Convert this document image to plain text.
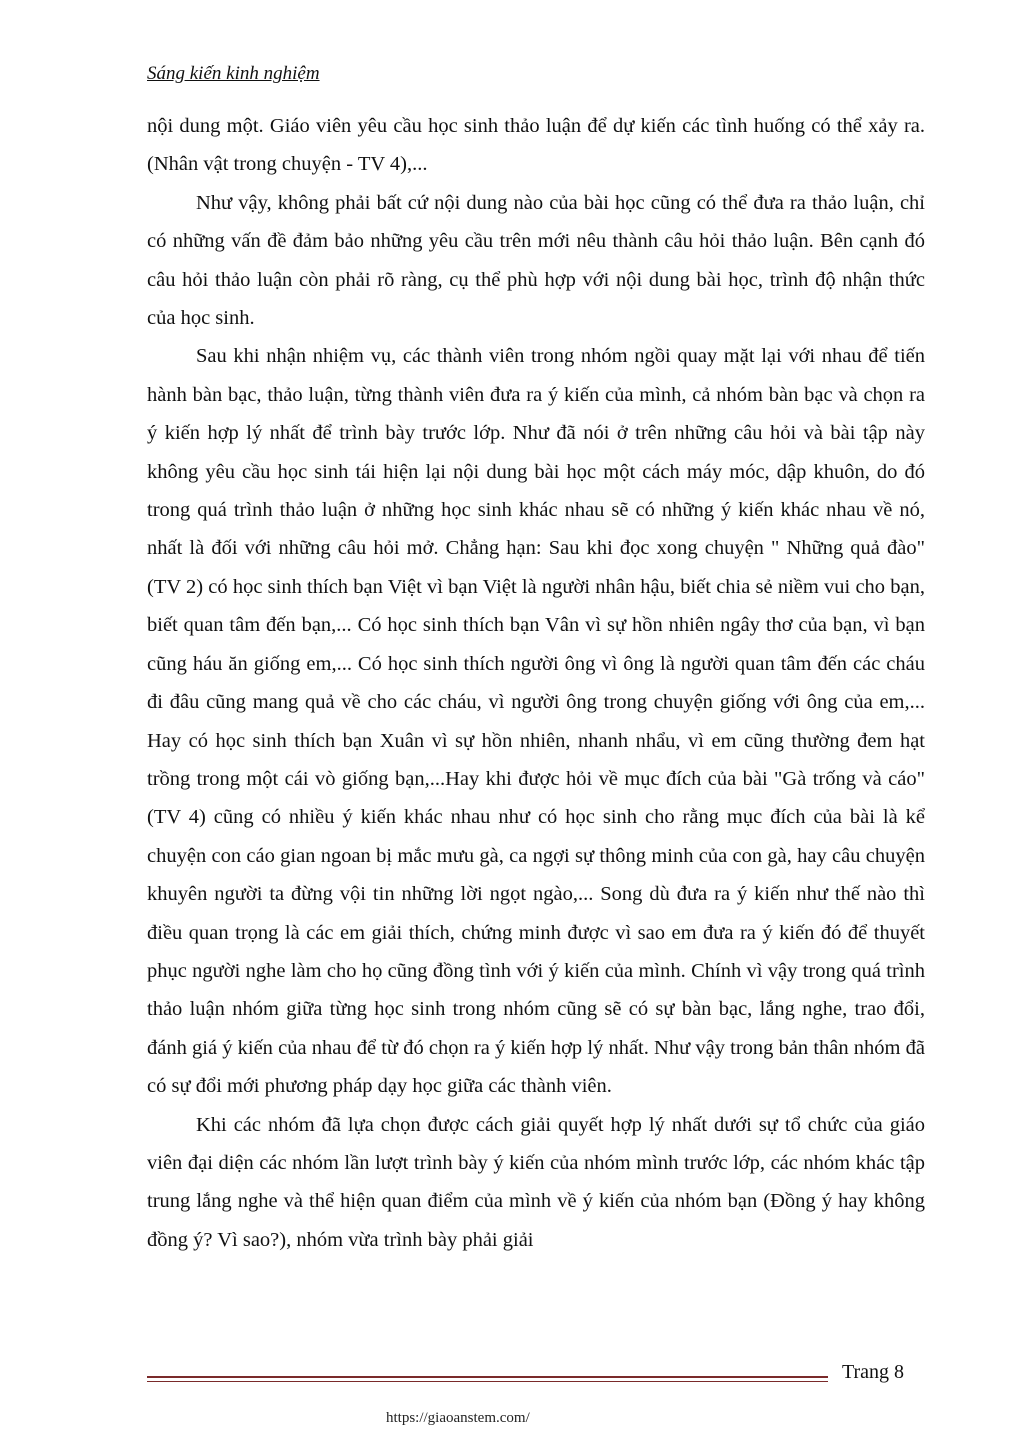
Sáng kiến kinh nghiệm

nội dung một. Giáo viên yêu cầu học sinh thảo luận để dự kiến các tình huống có thể xảy ra. (Nhân vật trong chuyện - TV 4),...

Như vậy, không phải bất cứ nội dung nào của bài học cũng có thể đưa ra thảo luận, chỉ có những vấn đề đảm bảo những yêu cầu trên mới nêu thành câu hỏi thảo luận. Bên cạnh đó câu hỏi thảo luận còn phải rõ ràng, cụ thể phù hợp với nội dung bài học, trình độ nhận thức của học sinh.

Sau khi nhận nhiệm vụ, các thành viên trong nhóm ngồi quay mặt lại với nhau để tiến hành bàn bạc, thảo luận, từng thành viên đưa ra ý kiến của mình, cả nhóm bàn bạc và chọn ra ý kiến hợp lý nhất để trình bày trước lớp. Như đã nói ở trên những câu hỏi và bài tập này không yêu cầu học sinh tái hiện lại nội dung bài học một cách máy móc, dập khuôn, do đó trong quá trình thảo luận ở những học sinh khác nhau sẽ có những ý kiến khác nhau về nó, nhất là đối với những câu hỏi mở. Chẳng hạn: Sau khi đọc xong chuyện " Những quả đào" (TV 2) có học sinh thích bạn Việt vì bạn Việt là người nhân hậu, biết chia sẻ niềm vui cho bạn, biết quan tâm đến bạn,... Có học sinh thích bạn Vân vì sự hồn nhiên ngây thơ của bạn, vì bạn cũng háu ăn giống em,... Có học sinh thích người ông vì ông là người quan tâm đến các cháu đi đâu cũng mang quả về cho các cháu, vì người ông trong chuyện giống với ông của em,... Hay có học sinh thích bạn Xuân vì sự hồn nhiên, nhanh nhẩu, vì em cũng thường đem hạt trồng trong một cái vò giống bạn,...Hay khi được hỏi về mục đích của bài "Gà trống và cáo" (TV 4) cũng có nhiều ý kiến khác nhau như có học sinh cho rằng mục đích của bài là kể chuyện con cáo gian ngoan bị mắc mưu gà, ca ngợi sự thông minh của con gà, hay câu chuyện khuyên người ta đừng vội tin những lời ngọt ngào,... Song dù đưa ra ý kiến như thế nào thì điều quan trọng là các em giải thích, chứng minh được vì sao em đưa ra ý kiến đó để thuyết phục người nghe làm cho họ cũng đồng tình với ý kiến của mình. Chính vì vậy trong quá trình thảo luận nhóm giữa từng học sinh trong nhóm cũng sẽ có sự bàn bạc, lắng nghe, trao đổi, đánh giá ý kiến của nhau để từ đó chọn ra ý kiến hợp lý nhất. Như vậy trong bản thân nhóm đã có sự đổi mới phương pháp dạy học giữa các thành viên.

Khi các nhóm đã lựa chọn được cách giải quyết hợp lý nhất dưới sự tổ chức của giáo viên đại diện các nhóm lần lượt trình bày ý kiến của nhóm mình trước lớp, các nhóm khác tập trung lắng nghe và thể hiện quan điểm của mình về ý kiến của nhóm bạn (Đồng ý hay không đồng ý? Vì sao?), nhóm vừa trình bày phải giải

Trang 8
https://giaoanstem.com/
